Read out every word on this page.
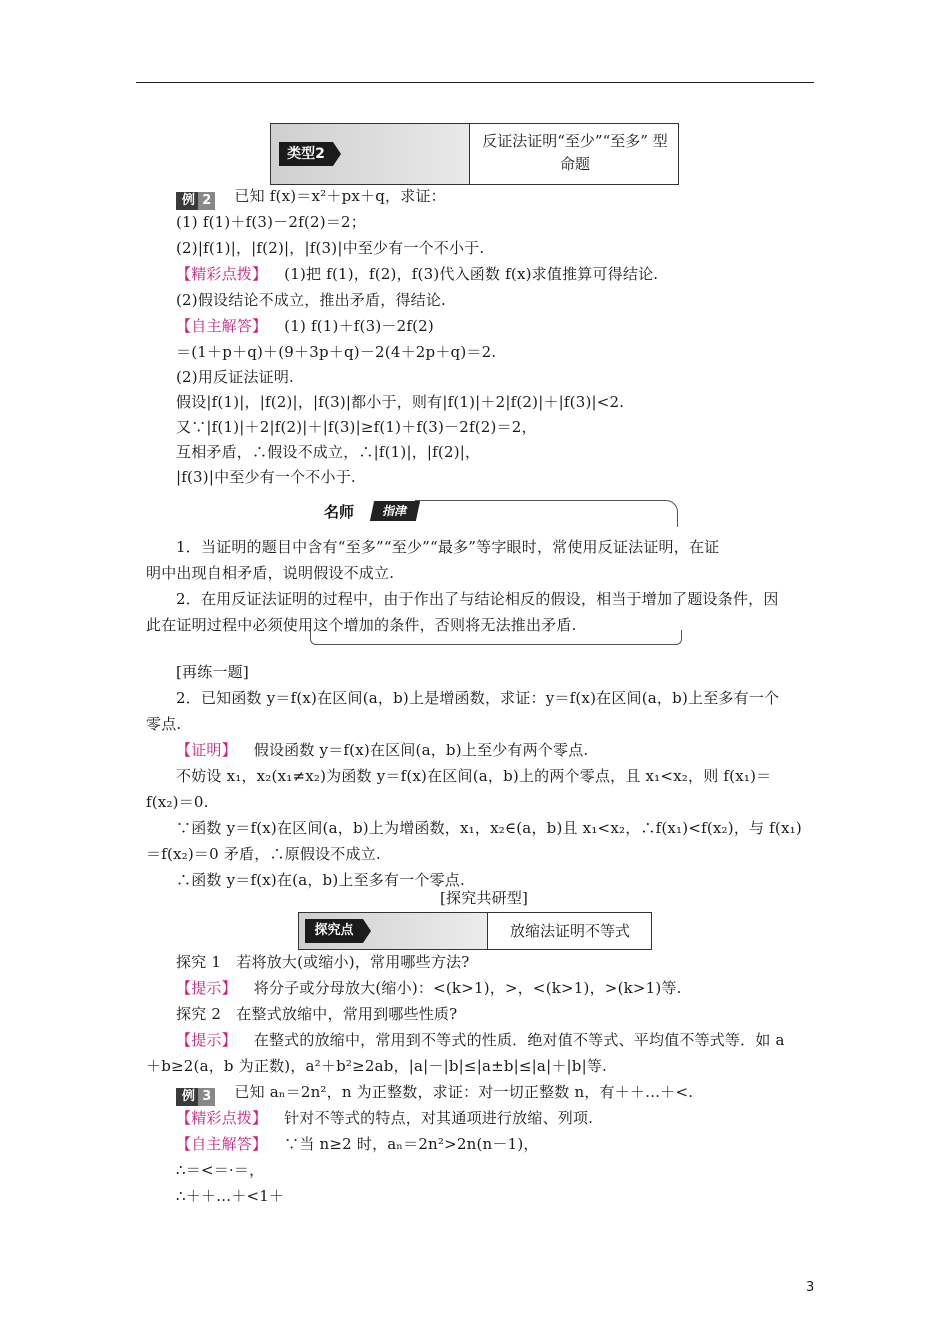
类型2
反证法证明“至少”“至多” 型命题
例 2 已知 f(x)＝x²＋px＋q，求证：
(1) f(1)＋f(3)－2f(2)＝2；
(2)|f(1)|，|f(2)|，|f(3)|中至少有一个不小于.
【精彩点拨】 (1)把 f(1)，f(2)，f(3)代入函数 f(x)求值推算可得结论.
(2)假设结论不成立，推出矛盾，得结论.
【自主解答】 (1) f(1)＋f(3)－2f(2)
＝(1＋p＋q)＋(9＋3p＋q)－2(4＋2p＋q)＝2.
(2)用反证法证明.
假设|f(1)|，|f(2)|，|f(3)|都小于，则有|f(1)|＋2|f(2)|＋|f(3)|<2.
又∵|f(1)|＋2|f(2)|＋|f(3)|≥f(1)＋f(3)－2f(2)＝2，
互相矛盾，∴假设不成立，∴|f(1)|，|f(2)|，
|f(3)|中至少有一个不小于.
名师	指津
1．当证明的题目中含有“至多”“至少”“最多”等字眼时，常使用反证法证明，在证
明中出现自相矛盾，说明假设不成立.
2．在用反证法证明的过程中，由于作出了与结论相反的假设，相当于增加了题设条件，因
此在证明过程中必须使用这个增加的条件，否则将无法推出矛盾.
[再练一题]
2．已知函数 y＝f(x)在区间(a，b)上是增函数，求证：y＝f(x)在区间(a，b)上至多有一个
零点.
【证明】 假设函数 y＝f(x)在区间(a，b)上至少有两个零点.
不妨设 x₁，x₂(x₁≠x₂)为函数 y＝f(x)在区间(a，b)上的两个零点，且 x₁<x₂，则 f(x₁)＝
f(x₂)＝0.
∵函数 y＝f(x)在区间(a，b)上为增函数，x₁，x₂∈(a，b)且 x₁<x₂，∴f(x₁)<f(x₂)，与 f(x₁)
＝f(x₂)＝0 矛盾，∴原假设不成立.
∴函数 y＝f(x)在(a，b)上至多有一个零点.
[探究共研型]
探究点	放缩法证明不等式
探究 1　若将放大(或缩小)，常用哪些方法?
【提示】 将分子或分母放大(缩小)：<(k>1)，>，<(k>1)，>(k>1)等.
探究 2　在整式放缩中，常用到哪些性质?
【提示】 在整式的放缩中，常用到不等式的性质．绝对值不等式、平均值不等式等．如 a
＋b≥2(a，b 为正数)，a²＋b²≥2ab，|a|－|b|≤|a±b|≤|a|＋|b|等.
例 3 已知 aₙ＝2n²，n 为正整数，求证：对一切正整数 n，有＋＋…＋<.
【精彩点拨】 针对不等式的特点，对其通项进行放缩、列项.
【自主解答】 ∵当 n≥2 时，aₙ＝2n²>2n(n－1)，
∴＝<＝·＝，
∴＋＋…＋<1＋
3
